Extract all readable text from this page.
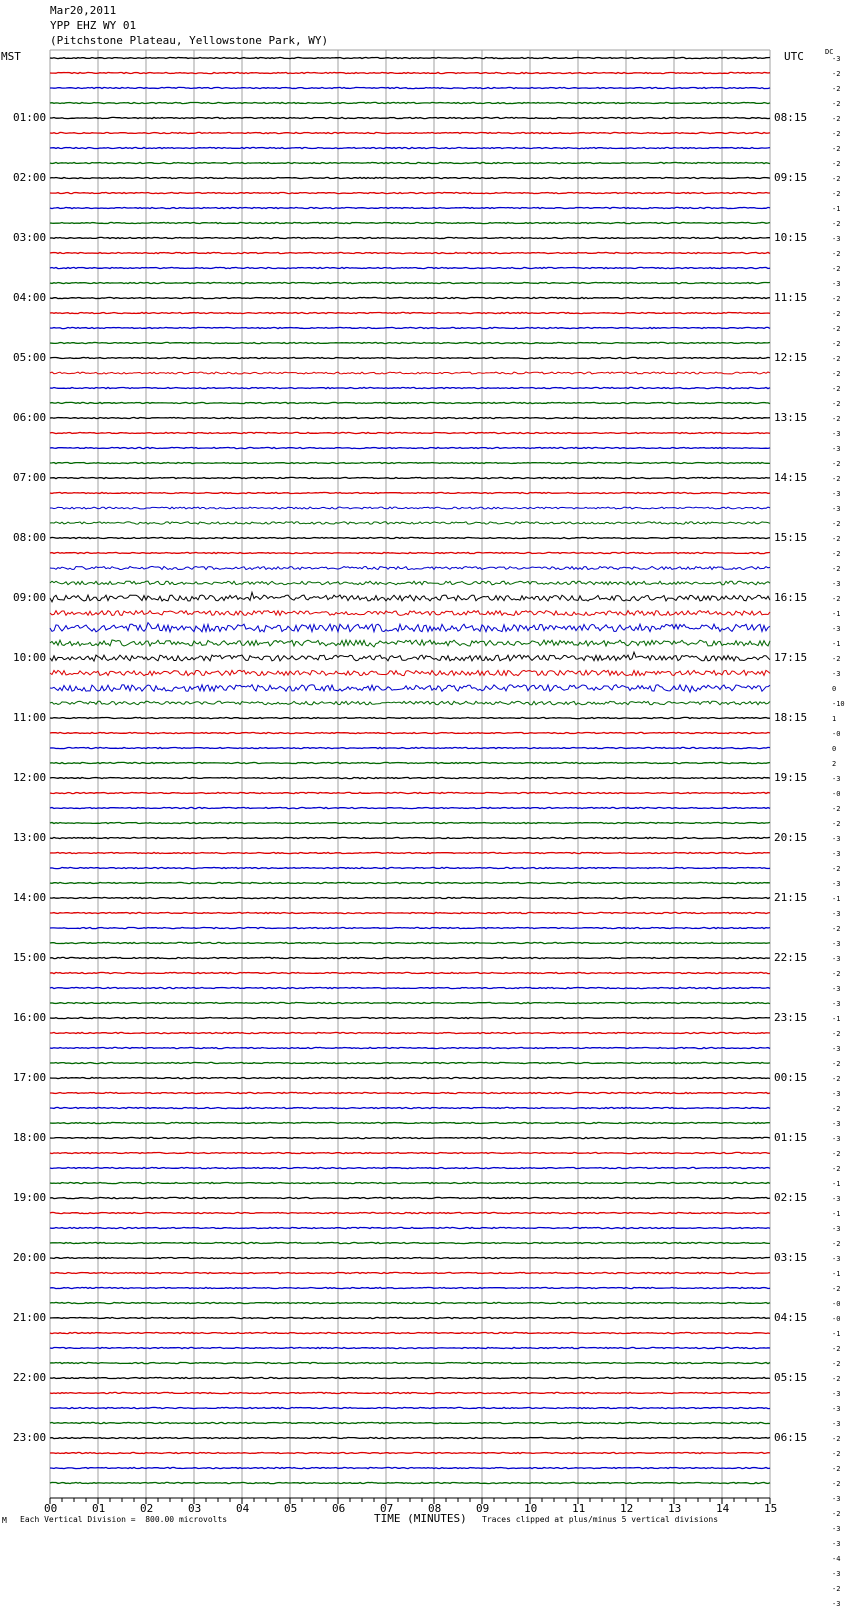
Mar20,2011
YPP EHZ WY 01
(Pitchstone Plateau, Yellowstone Park, WY)
MST	UTC	DC
01:00
02:00
03:00
04:00
05:00
06:00
07:00
08:00
09:00
10:00
11:00
12:00
13:00
14:00
15:00
16:00
17:00
18:00
19:00
20:00
21:00
22:00
23:00
08:15
09:15
10:15
11:15
12:15
13:15
14:15
15:15
16:15
17:15
18:15
19:15
20:15
21:15
22:15
23:15
00:15
01:15
02:15
03:15
04:15
05:15
06:15
-3
-2
-2
-2
-2
-2
-2
-2
-2
-2
-1
-2
-3
-2
-2
-3
-2
-2
-2
-2
-2
-2
-2
-2
-2
-3
-3
-2
-2
-3
-3
-2
-2
-2
-2
-3
-2
-1
-3
-1
-2
-3
0
-10
1
-0
0
2
-3
-0
-2
-2
-3
-3
-2
-3
-1
-3
-2
-3
-3
-2
-3
-3
-1
-2
-3
-2
-2
-3
-2
-3
-3
-2
-2
-1
-3
-1
-3
-2
-3
-1
-2
-0
-0
-1
-2
-2
-2
-3
-3
-3
-2
-2
-2
-2
-3
-2
-3
-3
-4
-3
-2
-3
00	01	02	03	04	05	06	07	08	09	10	11	12	13	14	15
M Each Vertical Division =  800.00 microvolts	TIME (MINUTES) Traces clipped at plus/minus 5 vertical divisions
